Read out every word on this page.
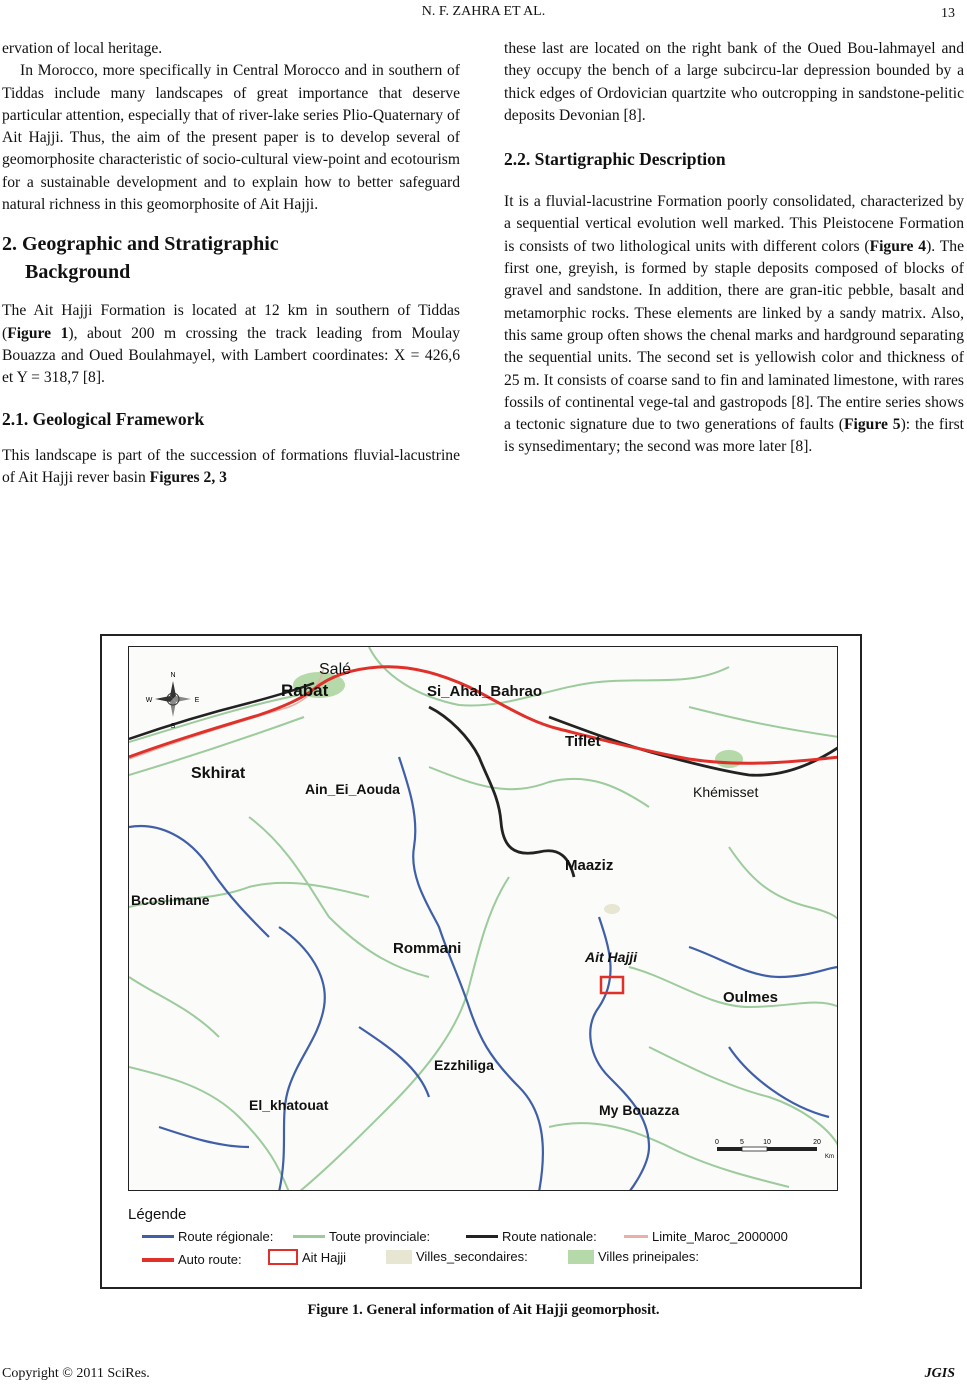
N. F. ZAHRA ET AL.	13

ervation of local heritage.

In Morocco, more specifically in Central Morocco and in southern of Tiddas include many landscapes of great importance that deserve particular attention, especially that of river-lake series Plio-Quaternary of Ait Hajji. Thus, the aim of the present paper is to develop several of geomorphosite characteristic of socio-cultural view-point and ecotourism for a sustainable development and to explain how to better safeguard natural richness in this geomorphosite of Ait Hajji.

2. Geographic and Stratigraphic
Background

The Ait Hajji Formation is located at 12 km in southern of Tiddas (Figure 1), about 200 m crossing the track leading from Moulay Bouazza and Oued Boulahmayel, with Lambert coordinates: X = 426,6 et Y = 318,7 [8].

2.1. Geological Framework

This landscape is part of the succession of formations fluvial-lacustrine of Ait Hajji rever basin Figures 2, 3

these last are located on the right bank of the Oued Bou-lahmayel and they occupy the bench of a large subcircu-lar depression bounded by a thick edges of Ordovician quartzite who outcropping in sandstone-pelitic deposits Devonian [8].

2.2. Startigraphic Description

It is a fluvial-lacustrine Formation poorly consolidated, characterized by a sequential vertical evolution well marked. This Pleistocene Formation is consists of two lithological units with different colors (Figure 4). The first one, greyish, is formed by staple deposits composed of blocks of gravel and sandstone. In addition, there are gran-itic pebble, basalt and metamorphic rocks. These elements are linked by a sandy matrix. Also, this same group often shows the chenal marks and hardground separating the sequential units. The second set is yellowish color and thickness of 25 m. It consists of coarse sand to fin and laminated limestone, with rares fossils of continental vege-tal and gastropods [8]. The entire series shows a tectonic signature due to two generations of faults (Figure 5): the first is synsedimentary; the second was more later [8].

N
S
E
W
0	5	10	20
Km
Salé
Rabat	Si_Ahal_Bahrao
Tiflet
Skhirat
Ain_Ei_Aouda	Khémisset
Maaziz
Bcoslimane
Rommani	Ait Hajji
Oulmes
Ezzhiliga
El_khatouat	My Bouazza
Légende
Route régionale:	Toute provinciale:	Route nationale:	Limite_Maroc_2000000
Auto route:	Ait Hajji	Villes_secondaires:	Villes prineipales:
Figure 1. General information of Ait Hajji geomorphosit.
Copyright © 2011 SciRes.	JGIS
